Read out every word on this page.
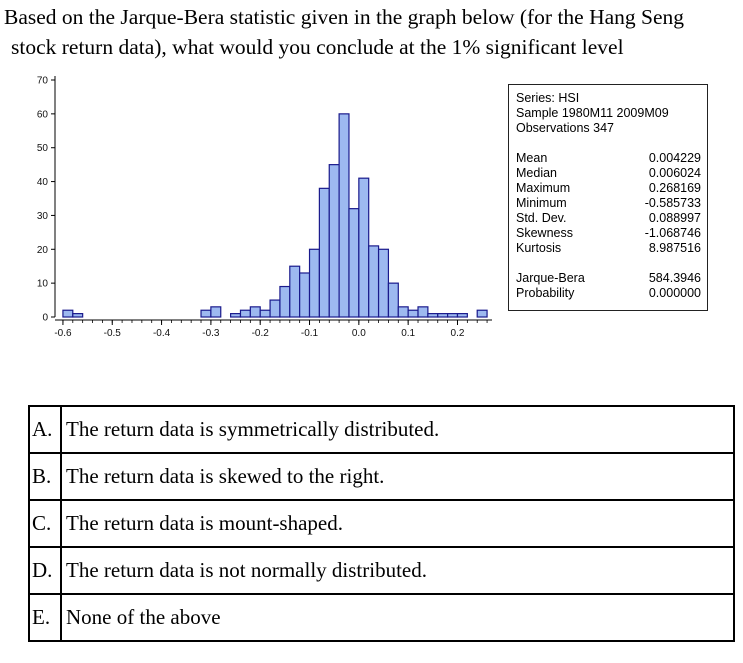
Based on the Jarque-Bera statistic given in the graph below (for the Hang Seng
stock return data), what would you conclude at the 1% significant level
0
10
20
30
40
50
60
70
-0.6	-0.5	-0.4	-0.3	-0.2	-0.1	0.0	0.1	0.2
Series: HSI
Sample 1980M11 2009M09
Observations 347
Mean	0.004229
Median	0.006024
Maximum	0.268169
Minimum	-0.585733
Std. Dev.	0.088997
Skewness	-1.068746
Kurtosis	8.987516
Jarque-Bera	584.3946
Probability	0.000000
A.	The return data is symmetrically distributed.
B.	The return data is skewed to the right.
C.	The return data is mount-shaped.
D.	The return data is not normally distributed.
E.	None of the above
